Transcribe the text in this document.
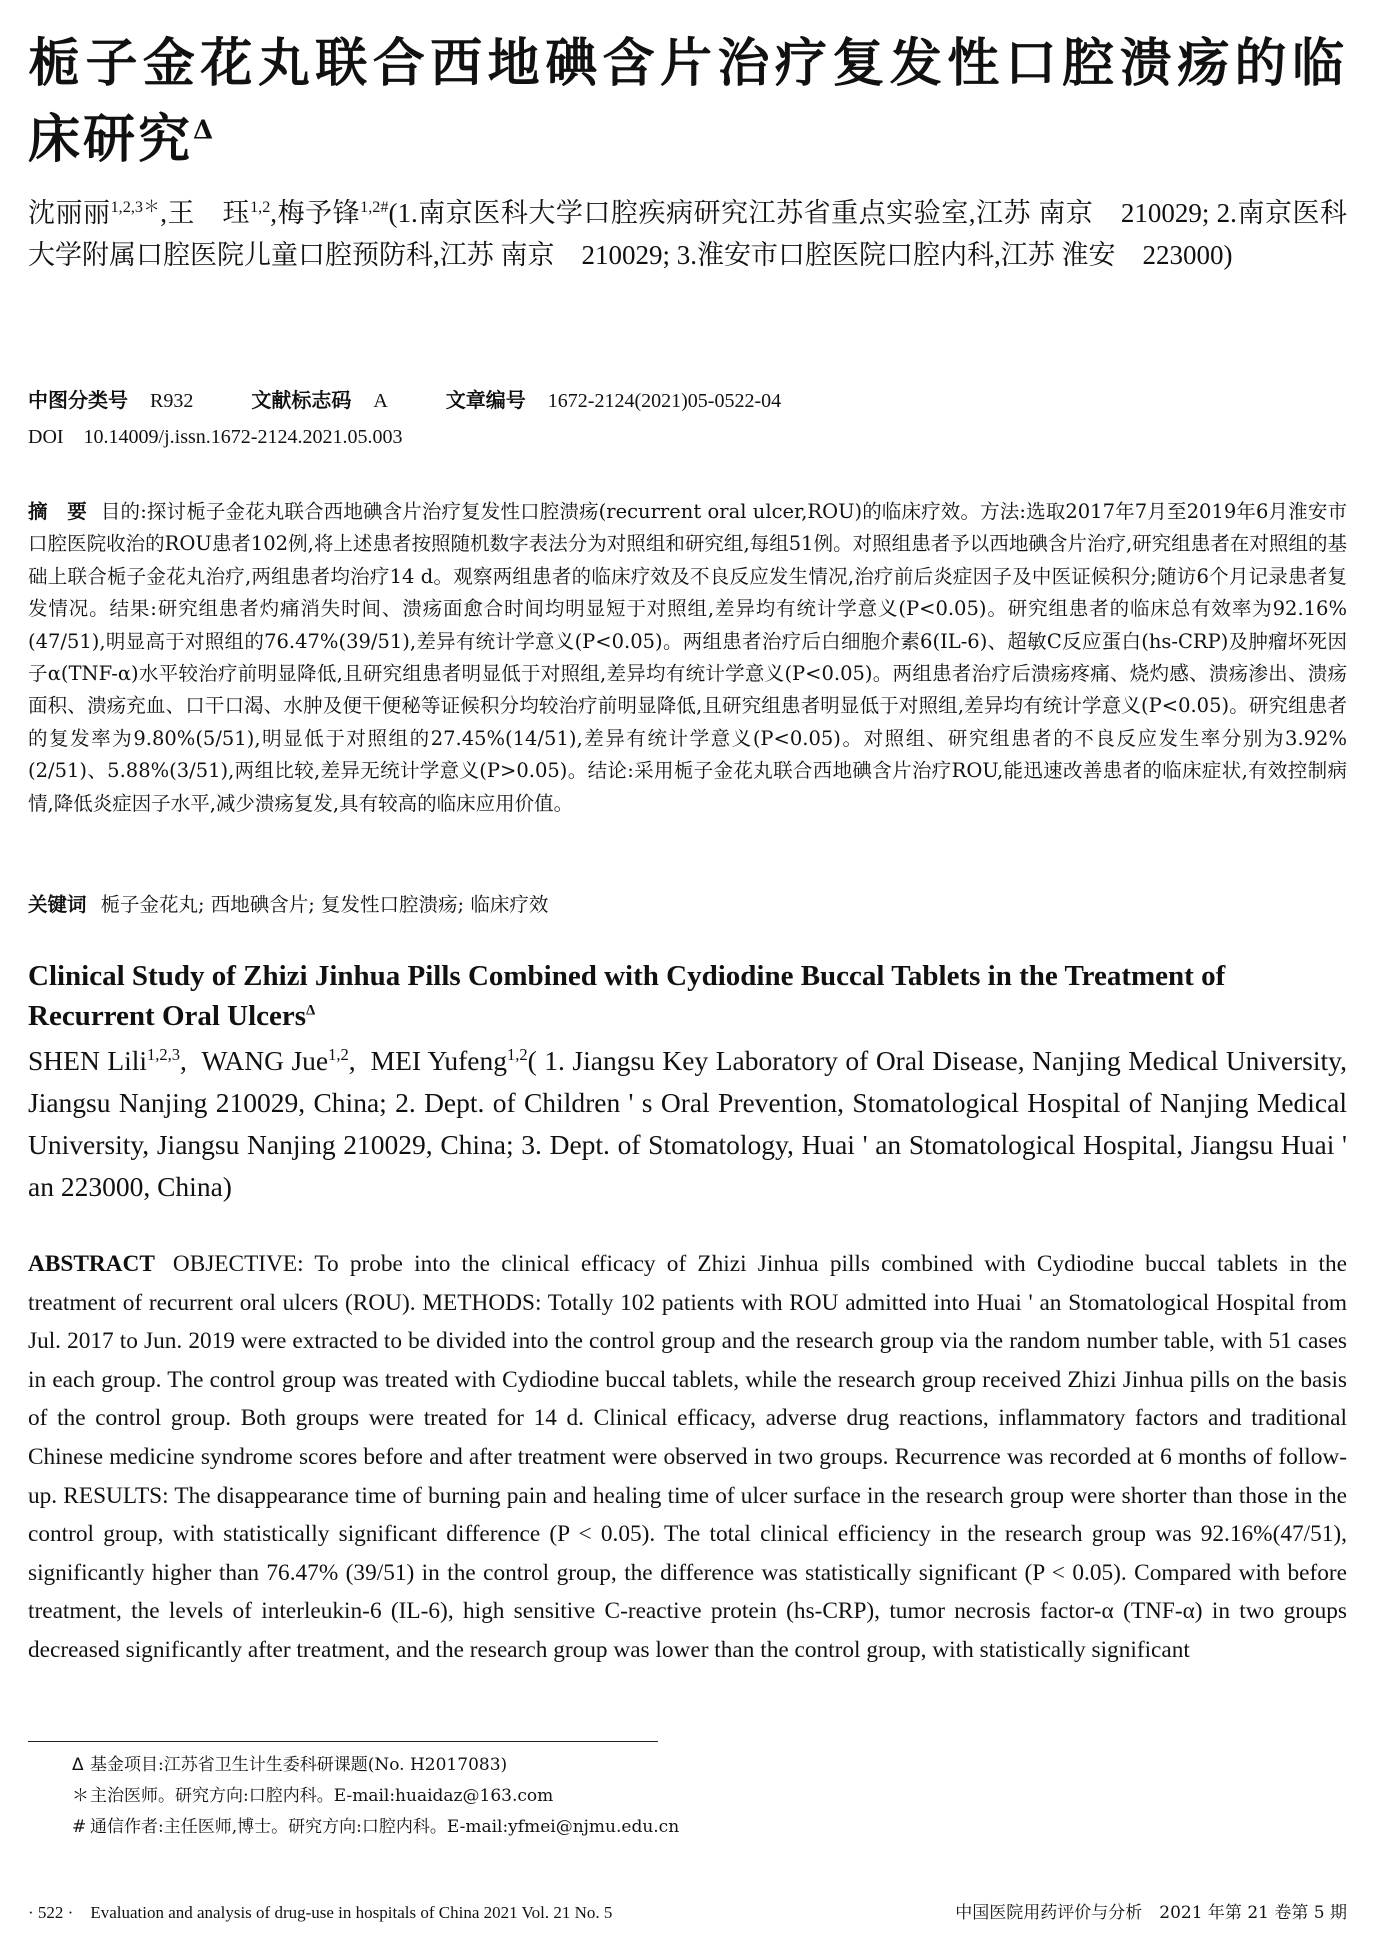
栀子金花丸联合西地碘含片治疗复发性口腔溃疡的临床研究$^\Delta$
沈丽丽$^{1,2,3*}$,王　珏$^{1,2}$,梅予锋$^{1,2\#}$(1.南京医科大学口腔疾病研究江苏省重点实验室,江苏 南京　210029; 2.南京医科大学附属口腔医院儿童口腔预防科,江苏 南京　210029; 3.淮安市口腔医院口腔内科,江苏 淮安　223000)
中图分类号 R932	文献标志码 A	文章编号 1672-2124(2021)05-0522-04
DOI 10.14009/j.issn.1672-2124.2021.05.003
摘　要 目的:探讨栀子金花丸联合西地碘含片治疗复发性口腔溃疡(recurrent oral ulcer,ROU)的临床疗效。方法:选取2017年7月至2019年6月淮安市口腔医院收治的ROU患者102例,将上述患者按照随机数字表法分为对照组和研究组,每组51例。对照组患者予以西地碘含片治疗,研究组患者在对照组的基础上联合栀子金花丸治疗,两组患者均治疗14 d。观察两组患者的临床疗效及不良反应发生情况,治疗前后炎症因子及中医证候积分;随访6个月记录患者复发情况。结果:研究组患者灼痛消失时间、溃疡面愈合时间均明显短于对照组,差异均有统计学意义(P<0.05)。研究组患者的临床总有效率为92.16%(47/51),明显高于对照组的76.47%(39/51),差异有统计学意义(P<0.05)。两组患者治疗后白细胞介素6(IL-6)、超敏C反应蛋白(hs-CRP)及肿瘤坏死因子α(TNF-α)水平较治疗前明显降低,且研究组患者明显低于对照组,差异均有统计学意义(P<0.05)。两组患者治疗后溃疡疼痛、烧灼感、溃疡渗出、溃疡面积、溃疡充血、口干口渴、水肿及便干便秘等证候积分均较治疗前明显降低,且研究组患者明显低于对照组,差异均有统计学意义(P<0.05)。研究组患者的复发率为9.80%(5/51),明显低于对照组的27.45%(14/51),差异有统计学意义(P<0.05)。对照组、研究组患者的不良反应发生率分别为3.92%(2/51)、5.88%(3/51),两组比较,差异无统计学意义(P>0.05)。结论:采用栀子金花丸联合西地碘含片治疗ROU,能迅速改善患者的临床症状,有效控制病情,降低炎症因子水平,减少溃疡复发,具有较高的临床应用价值。
关键词 栀子金花丸; 西地碘含片; 复发性口腔溃疡; 临床疗效
Clinical Study of Zhizi Jinhua Pills Combined with Cydiodine Buccal Tablets in the Treatment of Recurrent Oral Ulcers$^\Delta$
SHEN Lili$^{1,2,3}$,  WANG Jue$^{1,2}$,  MEI Yufeng$^{1,2}$( 1. Jiangsu Key Laboratory of Oral Disease, Nanjing Medical University, Jiangsu Nanjing 210029, China; 2. Dept. of Children ' s Oral Prevention, Stomatological Hospital of Nanjing Medical University, Jiangsu Nanjing 210029, China; 3. Dept. of Stomatology, Huai ' an Stomatological Hospital, Jiangsu Huai ' an 223000, China)
ABSTRACT OBJECTIVE: To probe into the clinical efficacy of Zhizi Jinhua pills combined with Cydiodine buccal tablets in the treatment of recurrent oral ulcers (ROU). METHODS: Totally 102 patients with ROU admitted into Huai ' an Stomatological Hospital from Jul. 2017 to Jun. 2019 were extracted to be divided into the control group and the research group via the random number table, with 51 cases in each group. The control group was treated with Cydiodine buccal tablets, while the research group received Zhizi Jinhua pills on the basis of the control group. Both groups were treated for 14 d. Clinical efficacy, adverse drug reactions, inflammatory factors and traditional Chinese medicine syndrome scores before and after treatment were observed in two groups. Recurrence was recorded at 6 months of follow-up. RESULTS: The disappearance time of burning pain and healing time of ulcer surface in the research group were shorter than those in the control group, with statistically significant difference (P < 0.05). The total clinical efficiency in the research group was 92.16%(47/51), significantly higher than 76.47% (39/51) in the control group, the difference was statistically significant (P < 0.05). Compared with before treatment, the levels of interleukin-6 (IL-6), high sensitive C-reactive protein (hs-CRP), tumor necrosis factor-α (TNF-α) in two groups decreased significantly after treatment, and the research group was lower than the control group, with statistically significant
Δ 基金项目:江苏省卫生计生委科研课题(No. H2017083)
＊主治医师。研究方向:口腔内科。E-mail:huaidaz@163.com
# 通信作者:主任医师,博士。研究方向:口腔内科。E-mail:yfmei@njmu.edu.cn
· 522 ·　Evaluation and analysis of drug-use in hospitals of China 2021 Vol. 21 No. 5	中国医院用药评价与分析　2021 年第 21 卷第 5 期
